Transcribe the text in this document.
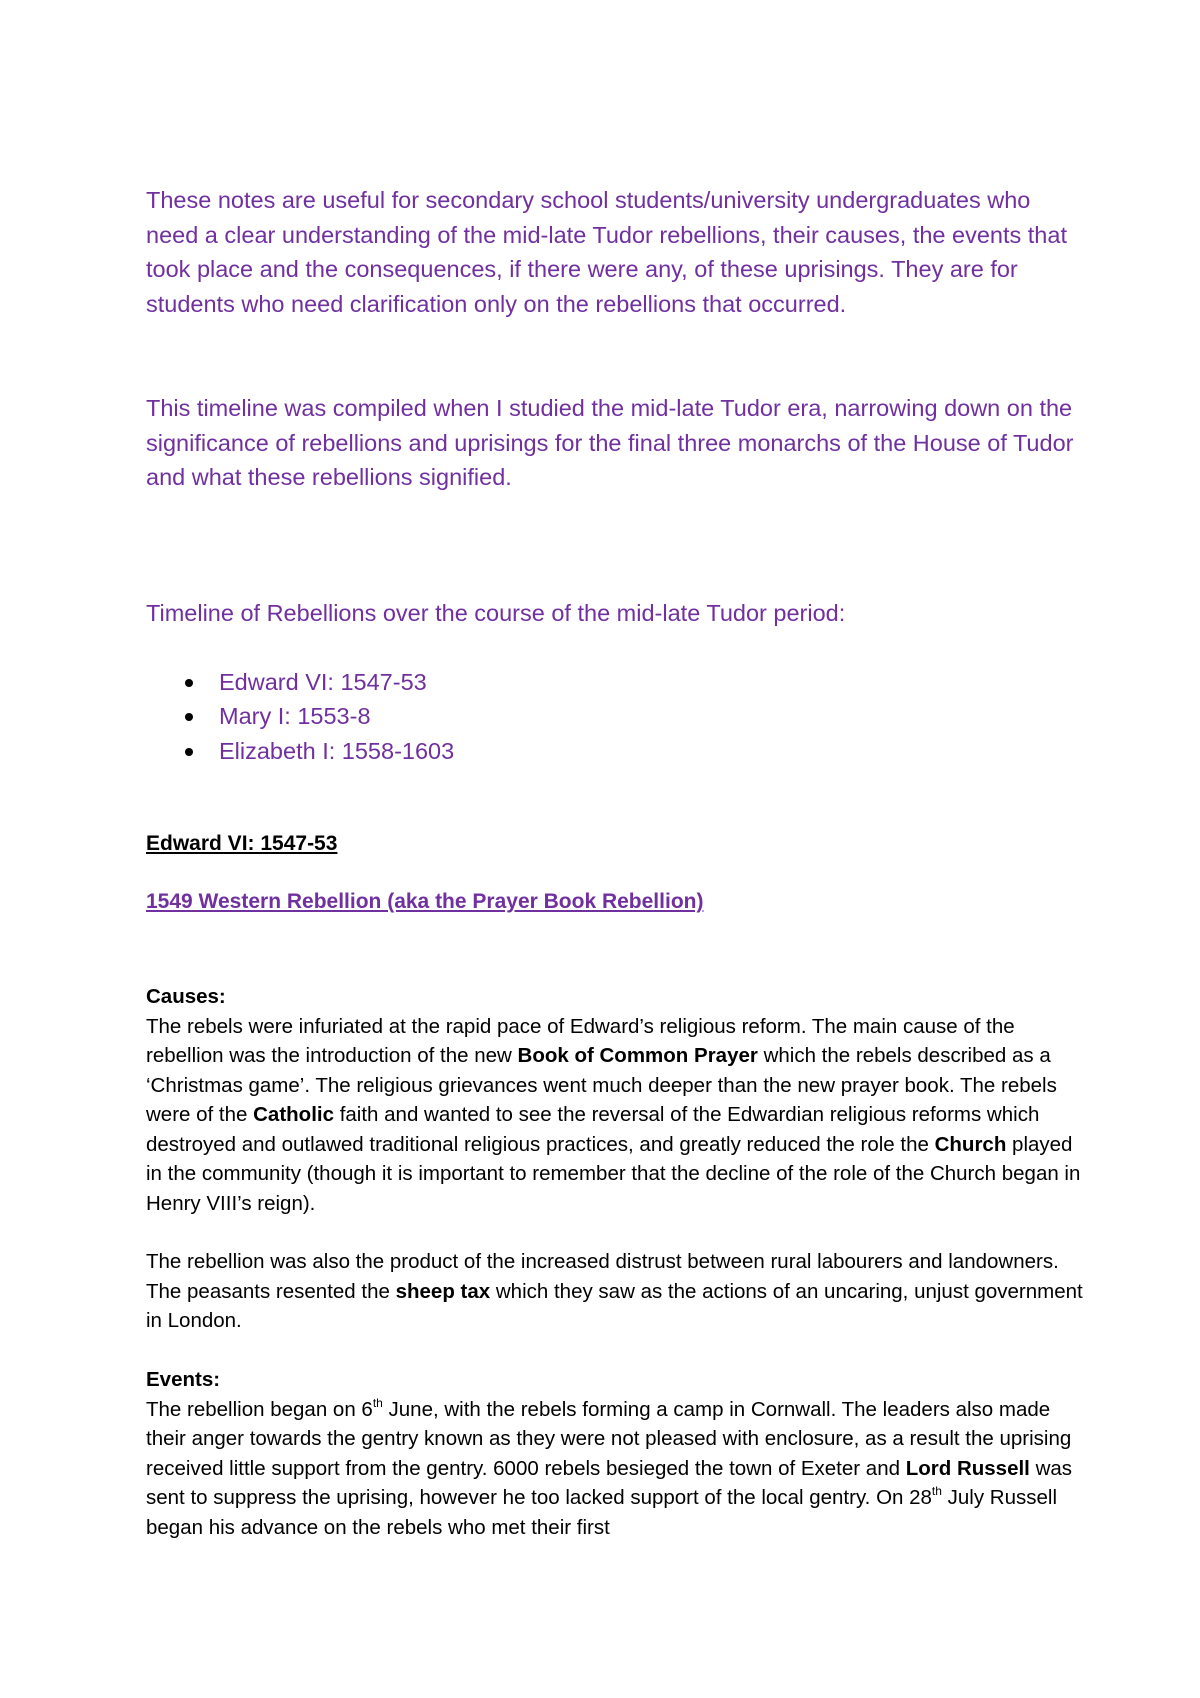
These notes are useful for secondary school students/university undergraduates who need a clear understanding of the mid-late Tudor rebellions, their causes, the events that took place and the consequences, if there were any, of these uprisings. They are for students who need clarification only on the rebellions that occurred.

This timeline was compiled when I studied the mid-late Tudor era, narrowing down on the significance of rebellions and uprisings for the final three monarchs of the House of Tudor and what these rebellions signified.

Timeline of Rebellions over the course of the mid-late Tudor period:

Edward VI: 1547-53
Mary I: 1553-8
Elizabeth I: 1558-1603

Edward VI: 1547-53

1549 Western Rebellion (aka the Prayer Book Rebellion)

Causes:
The rebels were infuriated at the rapid pace of Edward’s religious reform. The main cause of the rebellion was the introduction of the new Book of Common Prayer which the rebels described as a ‘Christmas game’. The religious grievances went much deeper than the new prayer book. The rebels were of the Catholic faith and wanted to see the reversal of the Edwardian religious reforms which destroyed and outlawed traditional religious practices, and greatly reduced the role the Church played in the community (though it is important to remember that the decline of the role of the Church began in Henry VIII’s reign).
The rebellion was also the product of the increased distrust between rural labourers and landowners. The peasants resented the sheep tax which they saw as the actions of an uncaring, unjust government in London.
Events:
The rebellion began on 6th June, with the rebels forming a camp in Cornwall. The leaders also made their anger towards the gentry known as they were not pleased with enclosure, as a result the uprising received little support from the gentry. 6000 rebels besieged the town of Exeter and Lord Russell was sent to suppress the uprising, however he too lacked support of the local gentry. On 28th July Russell began his advance on the rebels who met their first
